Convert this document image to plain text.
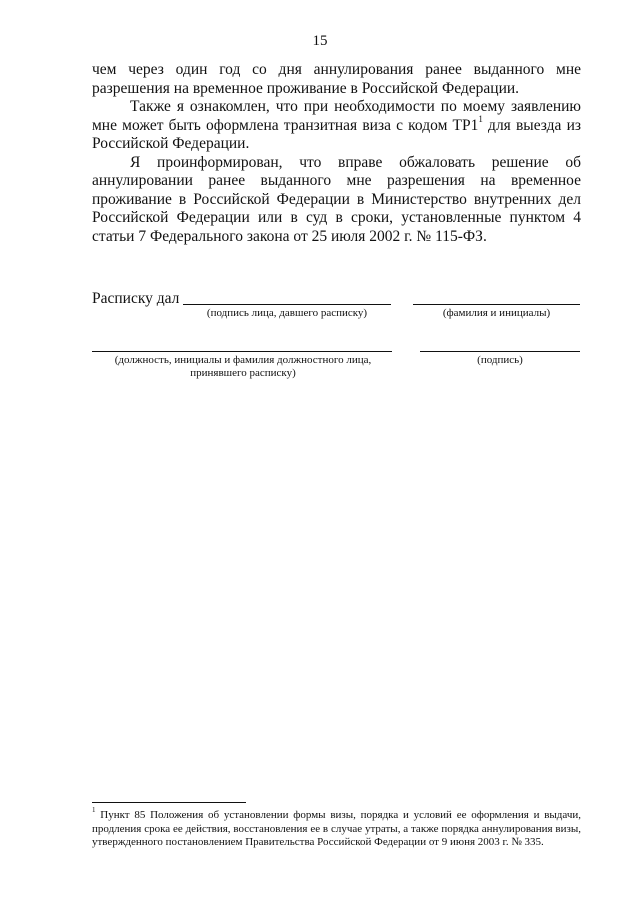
15

чем через один год со дня аннулирования ранее выданного мне разрешения на временное проживание в Российской Федерации.

Также я ознакомлен, что при необходимости по моему заявлению мне может быть оформлена транзитная виза с кодом $ТР1^1$ для выезда из Российской Федерации.

Я проинформирован, что вправе обжаловать решение об аннулировании ранее выданного мне разрешения на временное проживание в Российской Федерации в Министерство внутренних дел Российской Федерации или в суд в сроки, установленные пунктом 4 статьи 7 Федерального закона от 25 июля 2002 г. № 115-ФЗ.

Расписку дал
(подпись лица, давшего расписку)	(фамилия и инициалы)
(должность, инициалы и фамилия должностного лица, принявшего расписку)
(подпись)
$^1$ Пункт 85 Положения об установлении формы визы, порядка и условий ее оформления и выдачи, продления срока ее действия, восстановления ее в случае утраты, а также порядка аннулирования визы, утвержденного постановлением Правительства Российской Федерации от 9 июня 2003 г. № 335.
